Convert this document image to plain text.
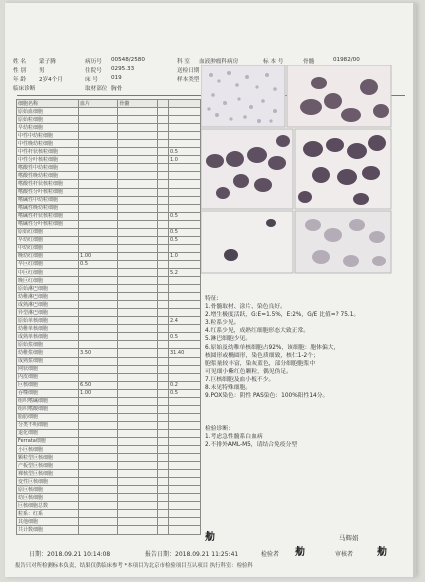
姓 名 蒙子腾	病历号 00548/2580	科 室 血液肿瘤科病房	标 本 号	骨髓	01982/00
性 别 男	住院号 0295.33	送检日期
年 龄 2岁4个月	床 号 019	样本类型
临床诊断	取材部位 胸骨
细胞名称	血片	骨髓		
原始血细胞				
原始粒细胞				
早幼粒细胞				
中性中幼粒细胞				
中性晚幼粒细胞				
中性杆状核粒细胞				0.5
中性分叶核粒细胞				1.0
嗜酸性中幼粒细胞				
嗜酸性晚幼粒细胞				
嗜酸性杆状核粒细胞				
嗜酸性分叶核粒细胞				
嗜碱性中幼粒细胞				
嗜碱性晚幼粒细胞				
嗜碱性杆状核粒细胞				0.5
嗜碱性分叶核粒细胞				
原始红细胞				0.5
早幼红细胞				0.5
中幼红细胞				
晚幼红细胞	1.00			1.0
早巨红细胞	0.5			
中巨红细胞				5.2
晚巨红细胞				
原始淋巴细胞				
幼稚淋巴细胞				
成熟淋巴细胞				
异型淋巴细胞				
原始单核细胞				2.4
幼稚单核细胞				
成熟单核细胞				0.5
原始浆细胞				
幼稚浆细胞	3.50			31.40
成熟浆细胞				
网状细胞				
内皮细胞				
巨核细胞	6.50			0.2
吞噬细胞	1.00			0.5
组织嗜碱细胞				
组织嗜酸细胞				
脂肪细胞				
分类不明细胞				
退化细胞				
Ferrata细胞				
小巨核细胞				
颗粒型巨核细胞				
产板型巨核细胞				
裸核型巨核细胞				
变性巨核细胞				
原巨核细胞				
幼巨核细胞				
巨核细胞总数				
粒系：红系				
其他细胞				
共计数细胞				
特征:
1.骨髓取材、涂片、染色良好。
2.增生极度活跃，G:E=1.5%，E:2%，G/E 比值=? 75.1。
3.粒系少见。
4.红系少见，成熟红细胞形态大致正常。
5.淋巴细胞少见。
6.原始及幼稚单核细胞占92%，该细胞：胞体偏大，
核圆形或椭圆形，染色质细致，核仁1-2个；
胞浆量较丰富，染灰蓝色，部分细胞胞浆中
可见细小紫红色颗粒，偶见伪足。
7.巨核细胞及血小板不少。
8.未见特殊细胞。
9.POX染色：阴性 PAS染色：100%阳性14分。

检验诊断：
1.考虑急性髓系白血病
2.不排外AML-M5，请结合免疫分型
㔗	马辉娟
日期：2018.09.21 10:14:08	报告日期：2018.09.21 11:25:41	检验者 㔗	审核者 㔗
报告只对所检测标本负责，结果仅供临床参考 *本项目为北京市检验项目互认项目 执行科室：检验科
